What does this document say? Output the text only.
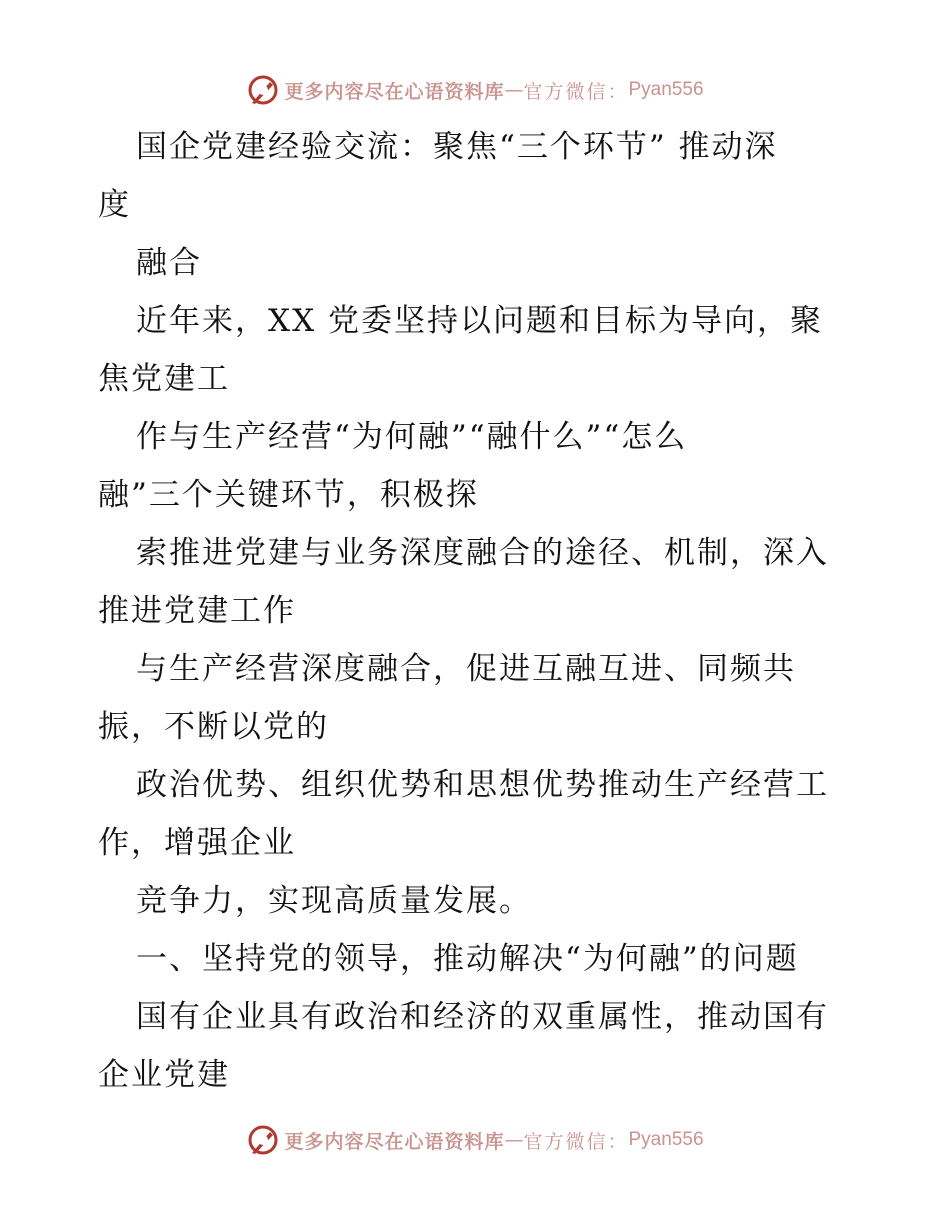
更多内容尽在心语资料库 — 官方微信： Pyan556
国企党建经验交流：聚焦“三个环节” 推动深
度
融合
近年来，XX 党委坚持以问题和目标为导向，聚
焦党建工
作与生产经营“为何融”“融什么”“怎么
融”三个关键环节，积极探
索推进党建与业务深度融合的途径、机制，深入
推进党建工作
与生产经营深度融合，促进互融互进、同频共
振，不断以党的
政治优势、组织优势和思想优势推动生产经营工
作，增强企业
竞争力，实现高质量发展。
一、坚持党的领导，推动解决“为何融”的问题
国有企业具有政治和经济的双重属性，推动国有
企业党建
更多内容尽在心语资料库 — 官方微信： Pyan556
